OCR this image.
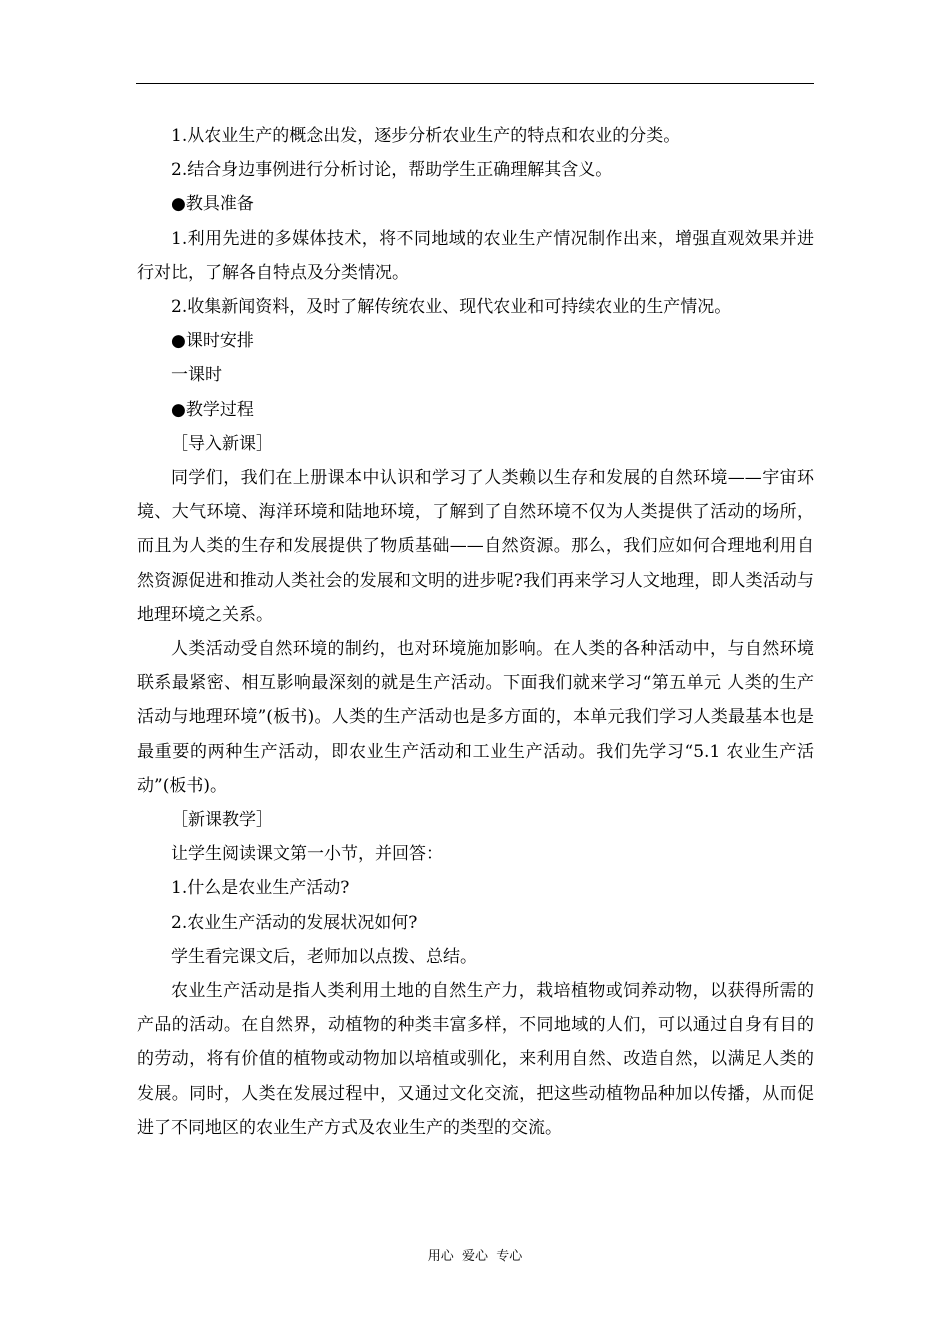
1.从农业生产的概念出发，逐步分析农业生产的特点和农业的分类。

2.结合身边事例进行分析讨论，帮助学生正确理解其含义。

●教具准备

1.利用先进的多媒体技术，将不同地域的农业生产情况制作出来，增强直观效果并进行对比，了解各自特点及分类情况。

2.收集新闻资料，及时了解传统农业、现代农业和可持续农业的生产情况。

●课时安排

一课时

●教学过程

［导入新课］

同学们，我们在上册课本中认识和学习了人类赖以生存和发展的自然环境——宇宙环境、大气环境、海洋环境和陆地环境，了解到了自然环境不仅为人类提供了活动的场所，而且为人类的生存和发展提供了物质基础——自然资源。那么，我们应如何合理地利用自然资源促进和推动人类社会的发展和文明的进步呢?我们再来学习人文地理，即人类活动与地理环境之关系。

人类活动受自然环境的制约，也对环境施加影响。在人类的各种活动中，与自然环境联系最紧密、相互影响最深刻的就是生产活动。下面我们就来学习“第五单元 人类的生产活动与地理环境”(板书)。人类的生产活动也是多方面的，本单元我们学习人类最基本也是最重要的两种生产活动，即农业生产活动和工业生产活动。我们先学习“5.1 农业生产活动”(板书)。

［新课教学］

让学生阅读课文第一小节，并回答：

1.什么是农业生产活动?

2.农业生产活动的发展状况如何?

学生看完课文后，老师加以点拨、总结。

农业生产活动是指人类利用土地的自然生产力，栽培植物或饲养动物，以获得所需的产品的活动。在自然界，动植物的种类丰富多样，不同地域的人们，可以通过自身有目的的劳动，将有价值的植物或动物加以培植或驯化，来利用自然、改造自然，以满足人类的发展。同时，人类在发展过程中，又通过文化交流，把这些动植物品种加以传播，从而促进了不同地区的农业生产方式及农业生产的类型的交流。

用心  爱心  专心
